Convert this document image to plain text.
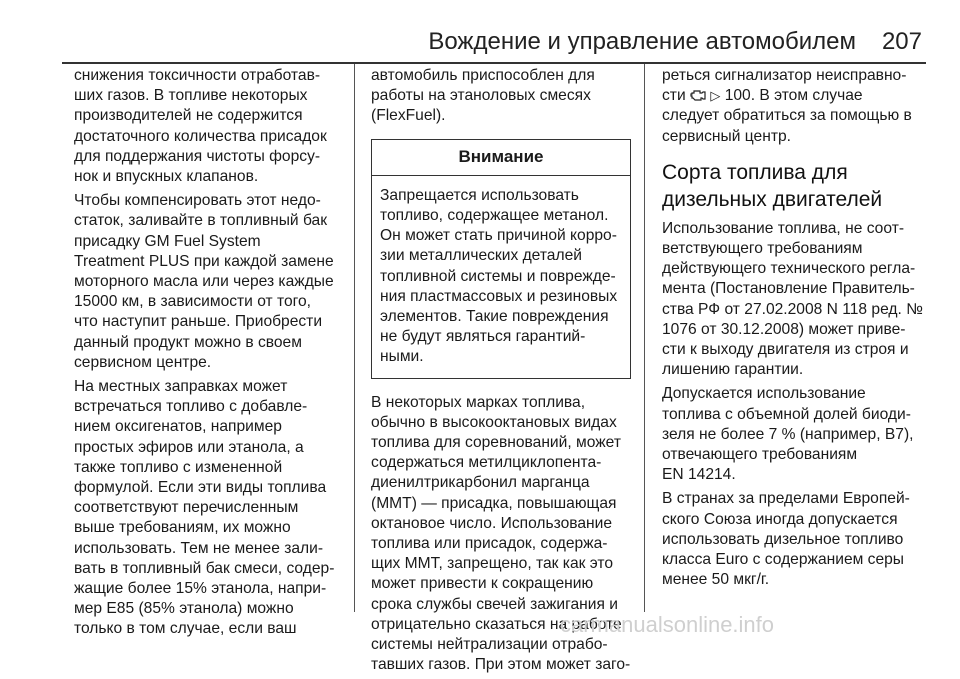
Вождение и управление автомобилем 207

снижения токсичности отработав-
ших газов. В топливе некоторых
производителей не содержится
достаточного количества присадок
для поддержания чистоты форсу-
нок и впускных клапанов.

Чтобы компенсировать этот недо-
статок, заливайте в топливный бак
присадку GM Fuel System
Treatment PLUS при каждой замене
моторного масла или через каждые
15000 км, в зависимости от того,
что наступит раньше. Приобрести
данный продукт можно в своем
сервисном центре.

На местных заправках может
встречаться топливо с добавле-
нием оксигенатов, например
простых эфиров или этанола, а
также топливо с измененной
формулой. Если эти виды топлива
соответствуют перечисленным
выше требованиям, их можно
использовать. Тем не менее зали-
вать в топливный бак смеси, содер-
жащие более 15% этанола, напри-
мер E85 (85% этанола) можно
только в том случае, если ваш

автомобиль приспособлен для
работы на этаноловых смесях
(FlexFuel).

Внимание
Запрещается использовать
топливо, содержащее метанол.
Он может стать причиной корро-
зии металлических деталей
топливной системы и поврежде-
ния пластмассовых и резиновых
элементов. Такие повреждения
не будут являться гарантий-
ными.

В некоторых марках топлива,
обычно в высокооктановых видах
топлива для соревнований, может
содержаться метилциклопента-
диенилтрикарбонил марганца
(MMT) — присадка, повышающая
октановое число. Использование
топлива или присадок, содержа-
щих MMT, запрещено, так как это
может привести к сокращению
срока службы свечей зажигания и
отрицательно сказаться на работе
системы нейтрализации отрабо-
тавших газов. При этом может заго-

реться сигнализатор неисправно-
сти ▷ 100. В этом случае
следует обратиться за помощью в
сервисный центр.

Сорта топлива для
дизельных двигателей

Использование топлива, не соот-
ветствующего требованиям
действующего технического регла-
мента (Постановление Правитель-
ства РФ от 27.02.2008 N 118 ред. №
1076 от 30.12.2008) может приве-
сти к выходу двигателя из строя и
лишению гарантии.

Допускается использование
топлива с объемной долей биоди-
зеля не более 7 % (например, B7),
отвечающего требованиям
EN 14214.

В странах за пределами Европей-
ского Союза иногда допускается
использовать дизельное топливо
класса Euro с содержанием серы
менее 50 мкг/г.

carmanualsonline.info
